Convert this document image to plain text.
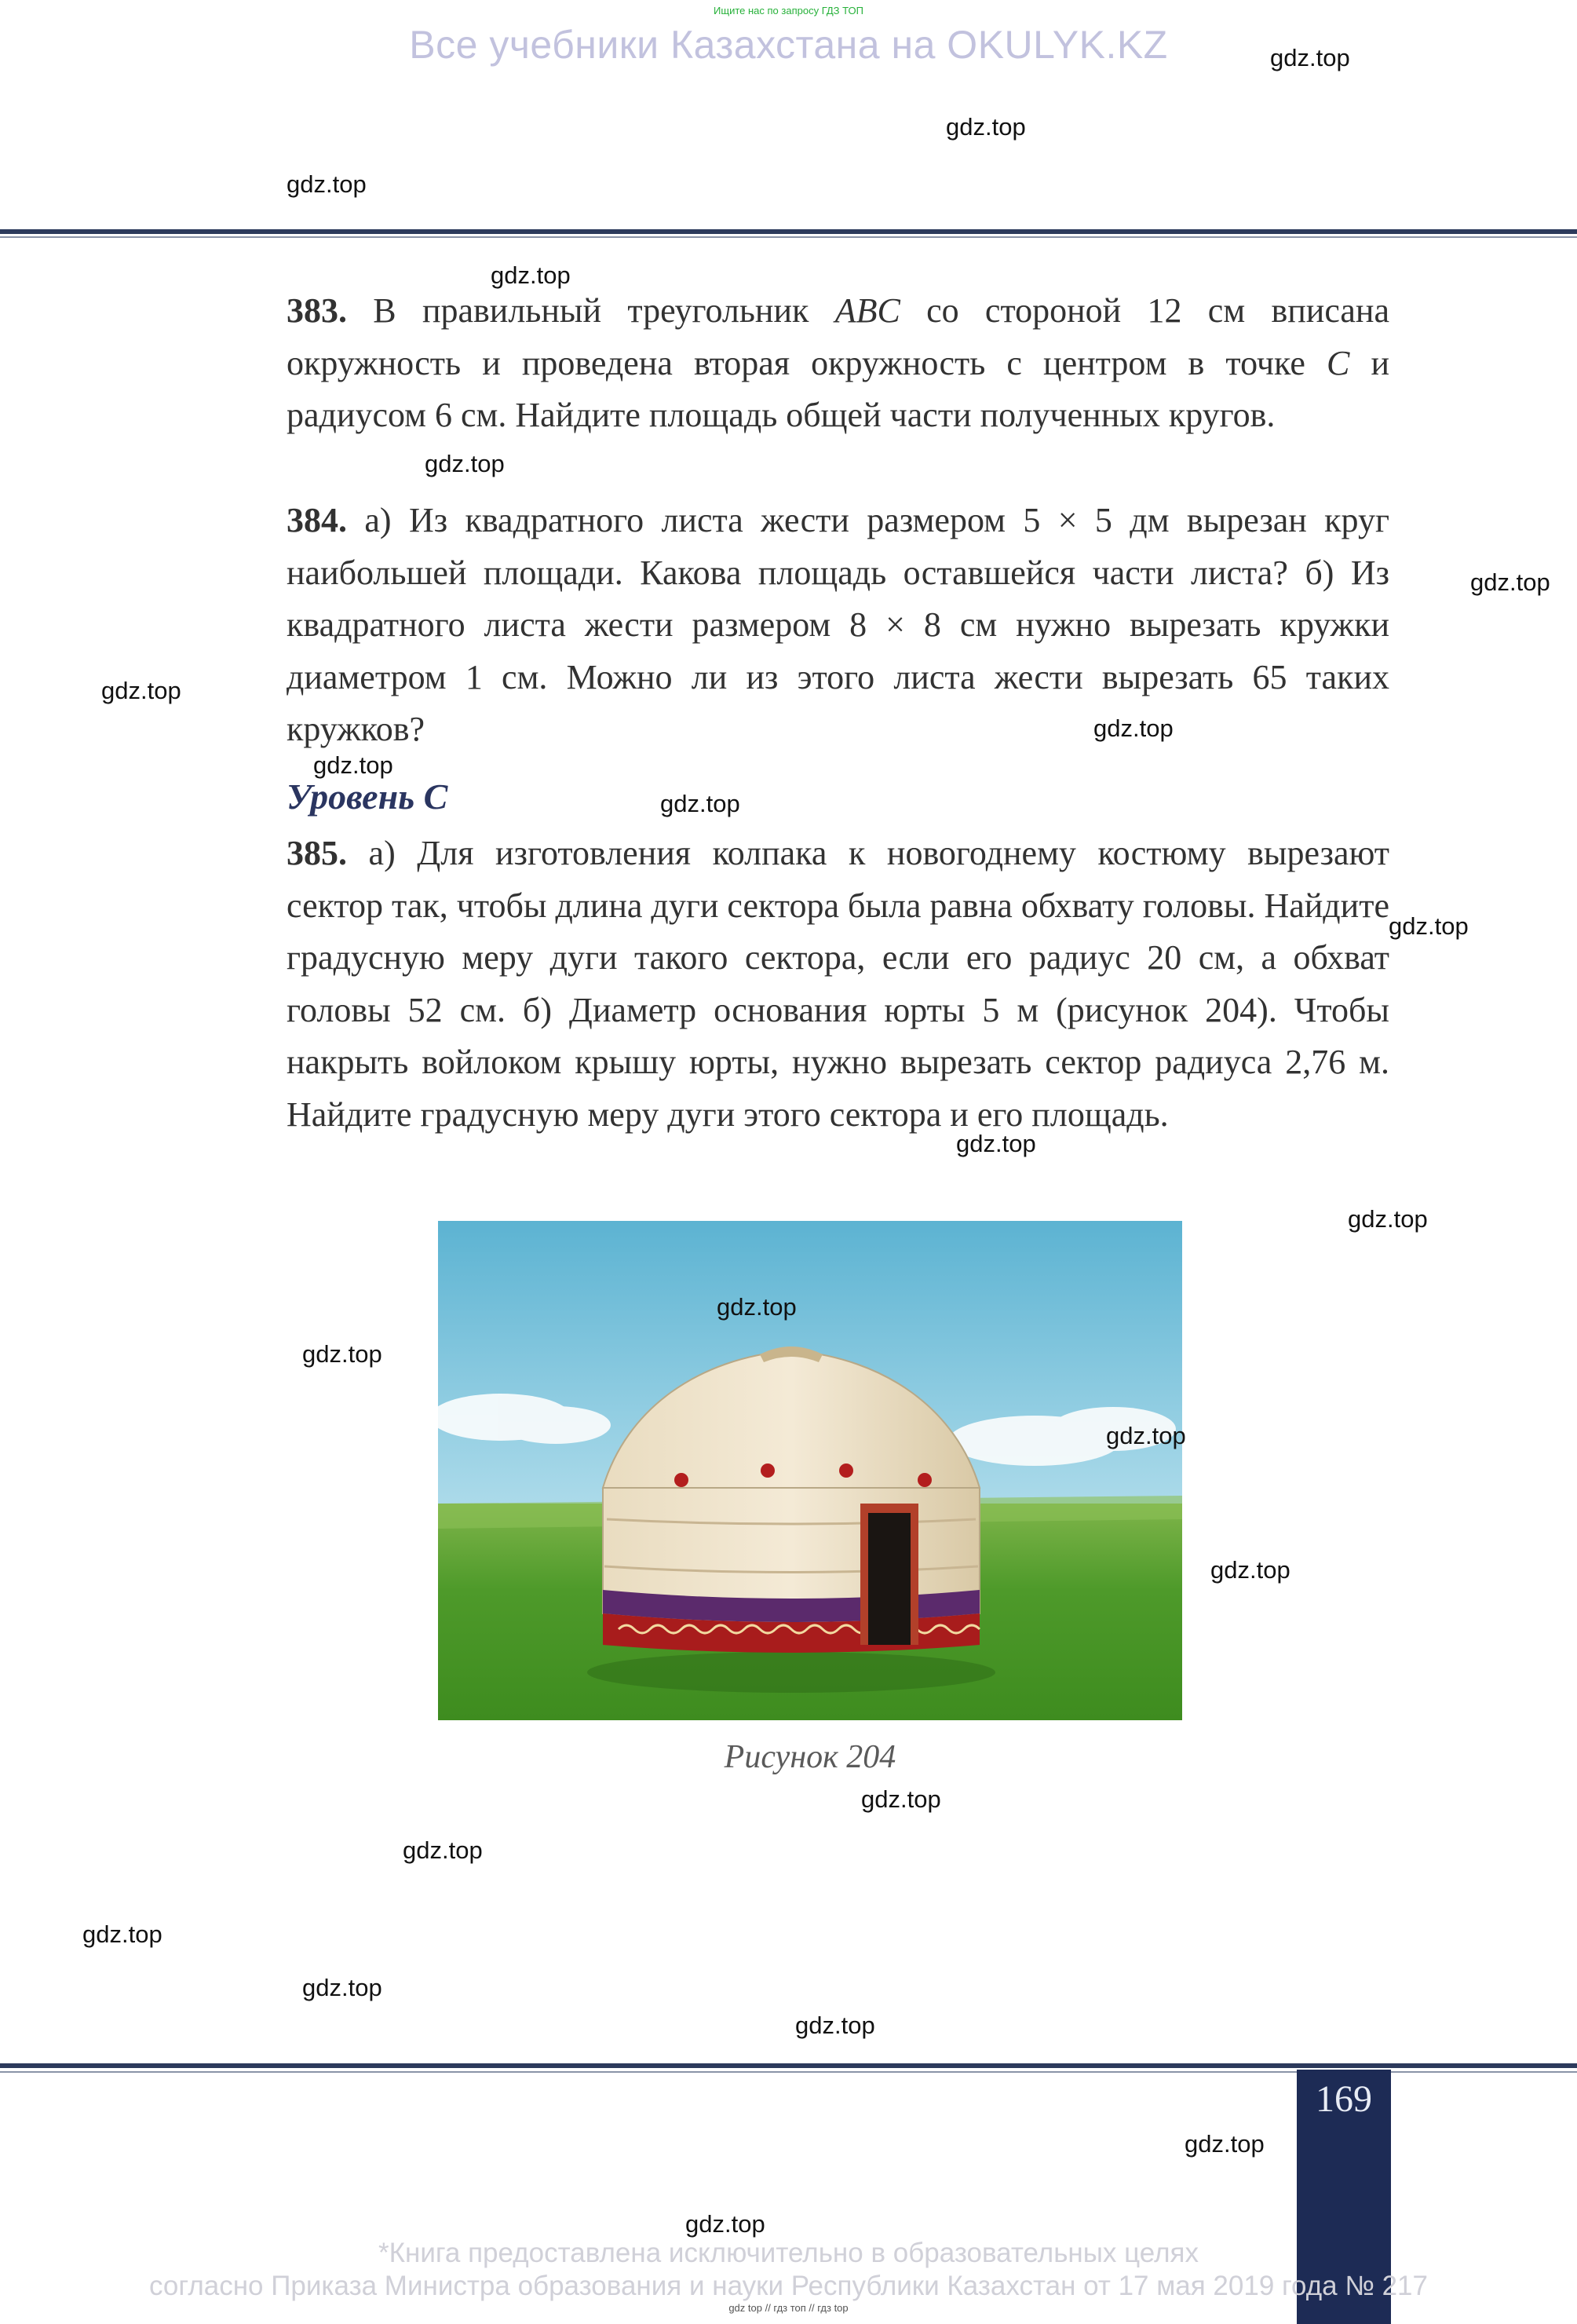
Ищите нас по запросу ГДЗ ТОП
Все учебники Казахстана на OKULYK.KZ

383. В правильный треугольник ABC со стороной 12 см вписана окружность и проведена вторая окружность с центром в точке C и радиусом 6 см. Найдите площадь общей части полученных кругов.

384. а) Из квадратного листа жести размером 5 × 5 дм вырезан круг наибольшей площади. Какова площадь оставшейся части листа? б) Из квадратного листа жести размером 8 × 8 см нужно вырезать кружки диаметром 1 см. Можно ли из этого листа жести вырезать 65 таких кружков?

Уровень C

385. а) Для изготовления колпака к новогоднему костюму вырезают сектор так, чтобы длина дуги сектора была равна обхвату головы. Найдите градусную меру дуги такого сектора, если его радиус 20 см, а обхват головы 52 см. б) Диаметр основания юрты 5 м (рисунок 204). Чтобы накрыть войлоком крышу юрты, нужно вырезать сектор радиуса 2,76 м. Найдите градусную меру дуги этого сектора и его площадь.

Рисунок 204
169
*Книга предоставлена исключительно в образовательных целях
согласно Приказа Министра образования и науки Республики Казахстан от 17 мая 2019 года № 217
gdz top // гдз топ // гдз top
gdz.top
gdz.top
gdz.top
gdz.top
gdz.top
gdz.top
gdz.top
gdz.top
gdz.top
gdz.top
gdz.top
gdz.top
gdz.top
gdz.top
gdz.top
gdz.top
gdz.top
gdz.top
gdz.top
gdz.top
gdz.top
gdz.top
gdz.top
gdz.top
